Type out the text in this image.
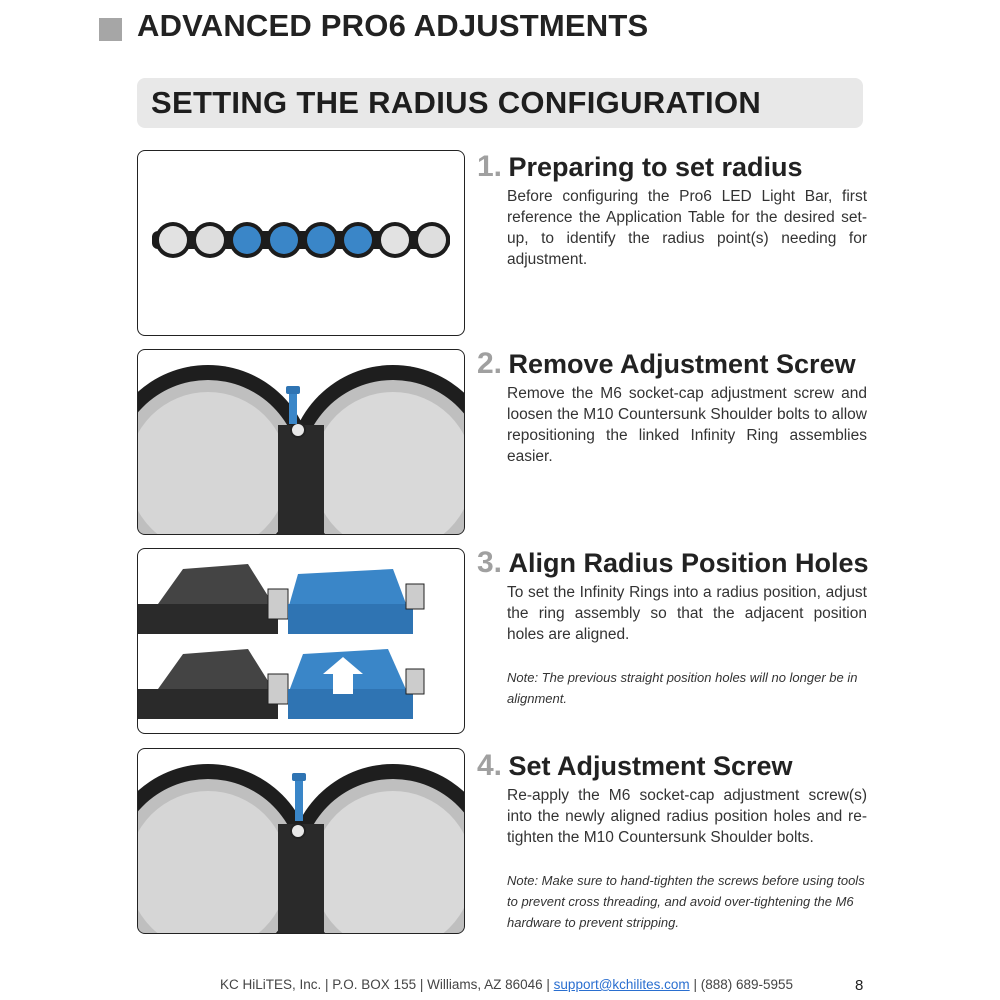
ADVANCED PRO6 ADJUSTMENTS
SETTING THE RADIUS CONFIGURATION
1. Preparing to set radius
Before configuring the Pro6 LED Light Bar, first reference the Application Table for the desired set-up, to identify the radius point(s) needing for adjustment.
2. Remove Adjustment Screw
Remove the M6 socket-cap adjustment screw and loosen the M10 Countersunk Shoulder bolts to allow repositioning the linked Infinity Ring assemblies easier.
3. Align Radius Position Holes
To set the Infinity Rings into a radius position, adjust the ring assembly so that the adjacent position holes are aligned.
Note: The previous straight position holes will no longer be in alignment.
4. Set Adjustment Screw
Re-apply the M6 socket-cap adjustment screw(s) into the newly aligned radius position holes and re-tighten the M10 Countersunk Shoulder bolts.
Note: Make sure to hand-tighten the screws before using tools to prevent cross threading, and avoid over-tightening the M6 hardware to prevent stripping.
KC HiLiTES, Inc. | P.O. BOX 155 | Williams, AZ 86046 | support@kchilites.com | (888) 689-5955	8
